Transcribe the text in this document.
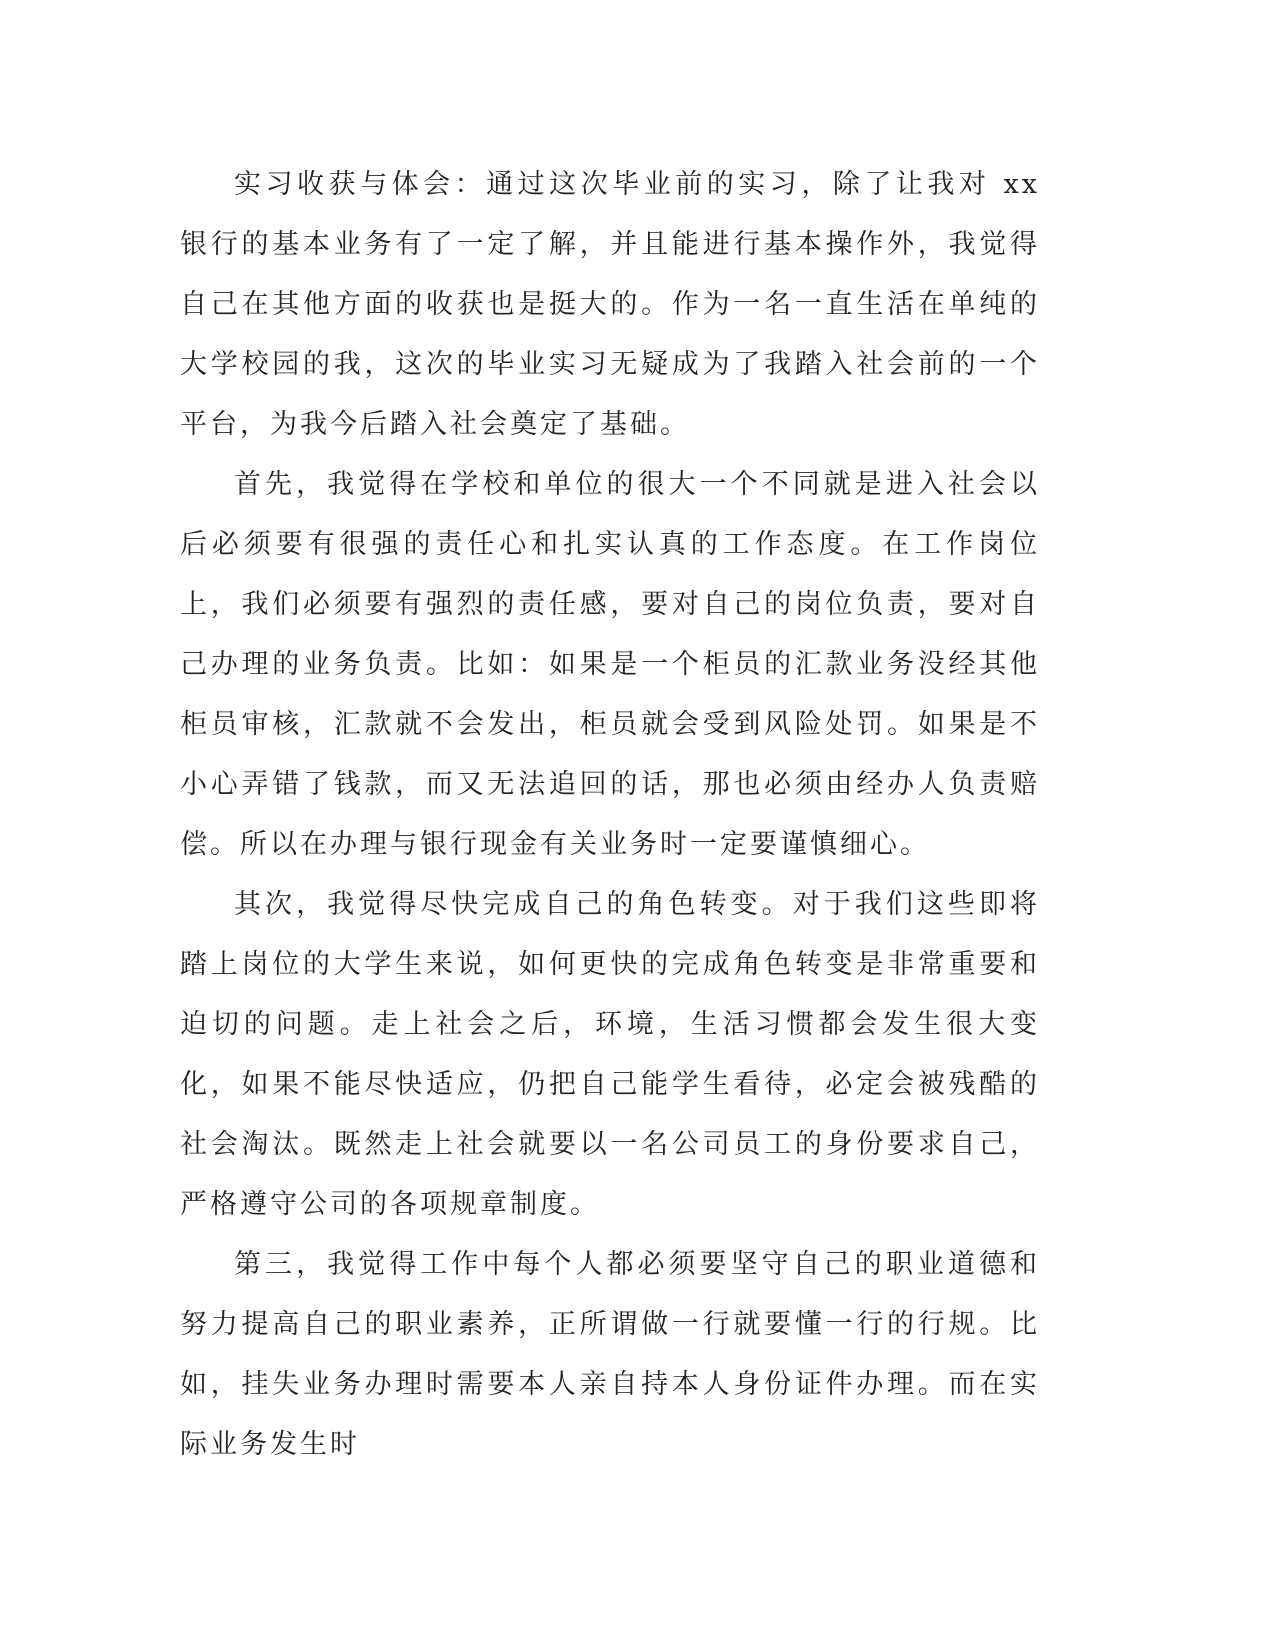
实习收获与体会：通过这次毕业前的实习，除了让我对 xx 银行的基本业务有了一定了解，并且能进行基本操作外，我觉得自己在其他方面的收获也是挺大的。作为一名一直生活在单纯的大学校园的我，这次的毕业实习无疑成为了我踏入社会前的一个平台，为我今后踏入社会奠定了基础。

首先，我觉得在学校和单位的很大一个不同就是进入社会以后必须要有很强的责任心和扎实认真的工作态度。在工作岗位上，我们必须要有强烈的责任感，要对自己的岗位负责，要对自己办理的业务负责。比如：如果是一个柜员的汇款业务没经其他柜员审核，汇款就不会发出，柜员就会受到风险处罚。如果是不小心弄错了钱款，而又无法追回的话，那也必须由经办人负责赔偿。所以在办理与银行现金有关业务时一定要谨慎细心。

其次，我觉得尽快完成自己的角色转变。对于我们这些即将踏上岗位的大学生来说，如何更快的完成角色转变是非常重要和迫切的问题。走上社会之后，环境，生活习惯都会发生很大变化，如果不能尽快适应，仍把自己能学生看待，必定会被残酷的社会淘汰。既然走上社会就要以一名公司员工的身份要求自己，严格遵守公司的各项规章制度。

第三，我觉得工作中每个人都必须要坚守自己的职业道德和努力提高自己的职业素养，正所谓做一行就要懂一行的行规。比如，挂失业务办理时需要本人亲自持本人身份证件办理。而在实际业务发生时
